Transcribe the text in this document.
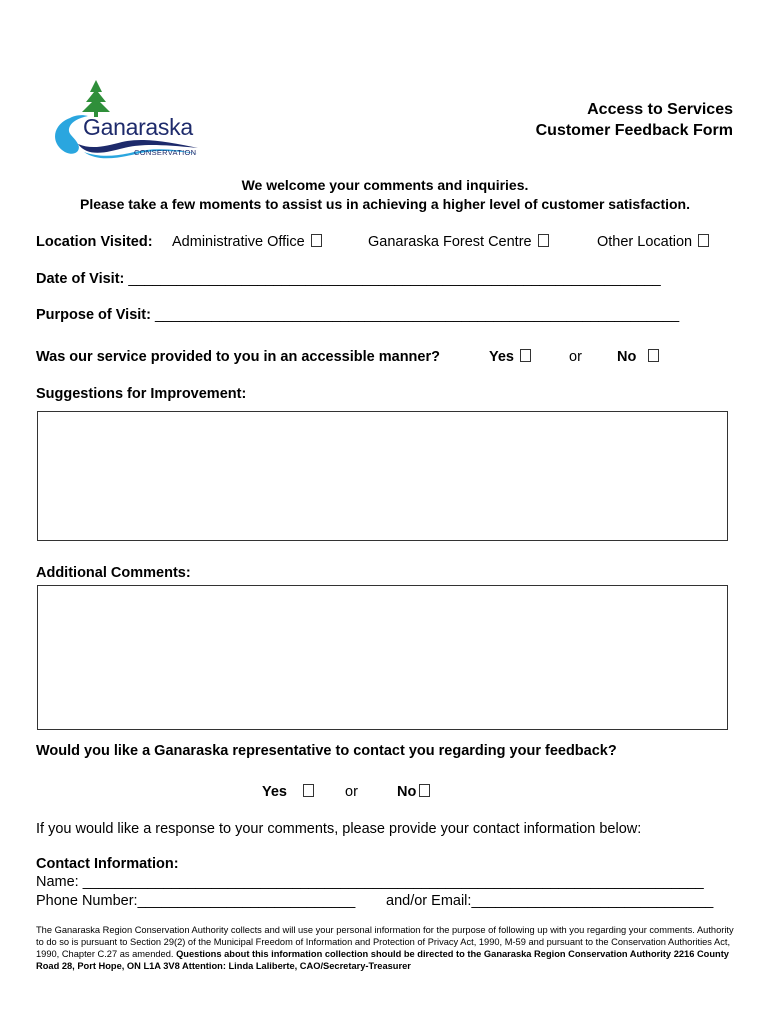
Ganaraska
CONSERVATION
Access to Services
Customer Feedback Form
We welcome your comments and inquiries.
Please take a few moments to assist us in achieving a higher level of customer satisfaction.
Location Visited: Administrative Office	Ganaraska Forest Centre	Other Location
Date of Visit: __________________________________________________________________
Purpose of Visit: _________________________________________________________________
Was our service provided to you in an accessible manner?	Yes	or No
Suggestions for Improvement:
Additional Comments:
Would you like a Ganaraska representative to contact you regarding your feedback?
Yes	or	No
If you would like a response to your comments, please provide your contact information below:
Contact Information:
Name: _____________________________________________________________________________
Phone Number:___________________________ and/or Email:______________________________
The Ganaraska Region Conservation Authority collects and will use your personal information for the purpose of following up with you regarding your comments. Authority to do so is pursuant to Section 29(2) of the Municipal Freedom of Information and Protection of Privacy Act, 1990, M-59 and pursuant to the Conservation Authorities Act, 1990, Chapter C.27 as amended. Questions about this information collection should be directed to the Ganaraska Region Conservation Authority 2216 County Road 28, Port Hope, ON L1A 3V8 Attention: Linda Laliberte, CAO/Secretary-Treasurer
